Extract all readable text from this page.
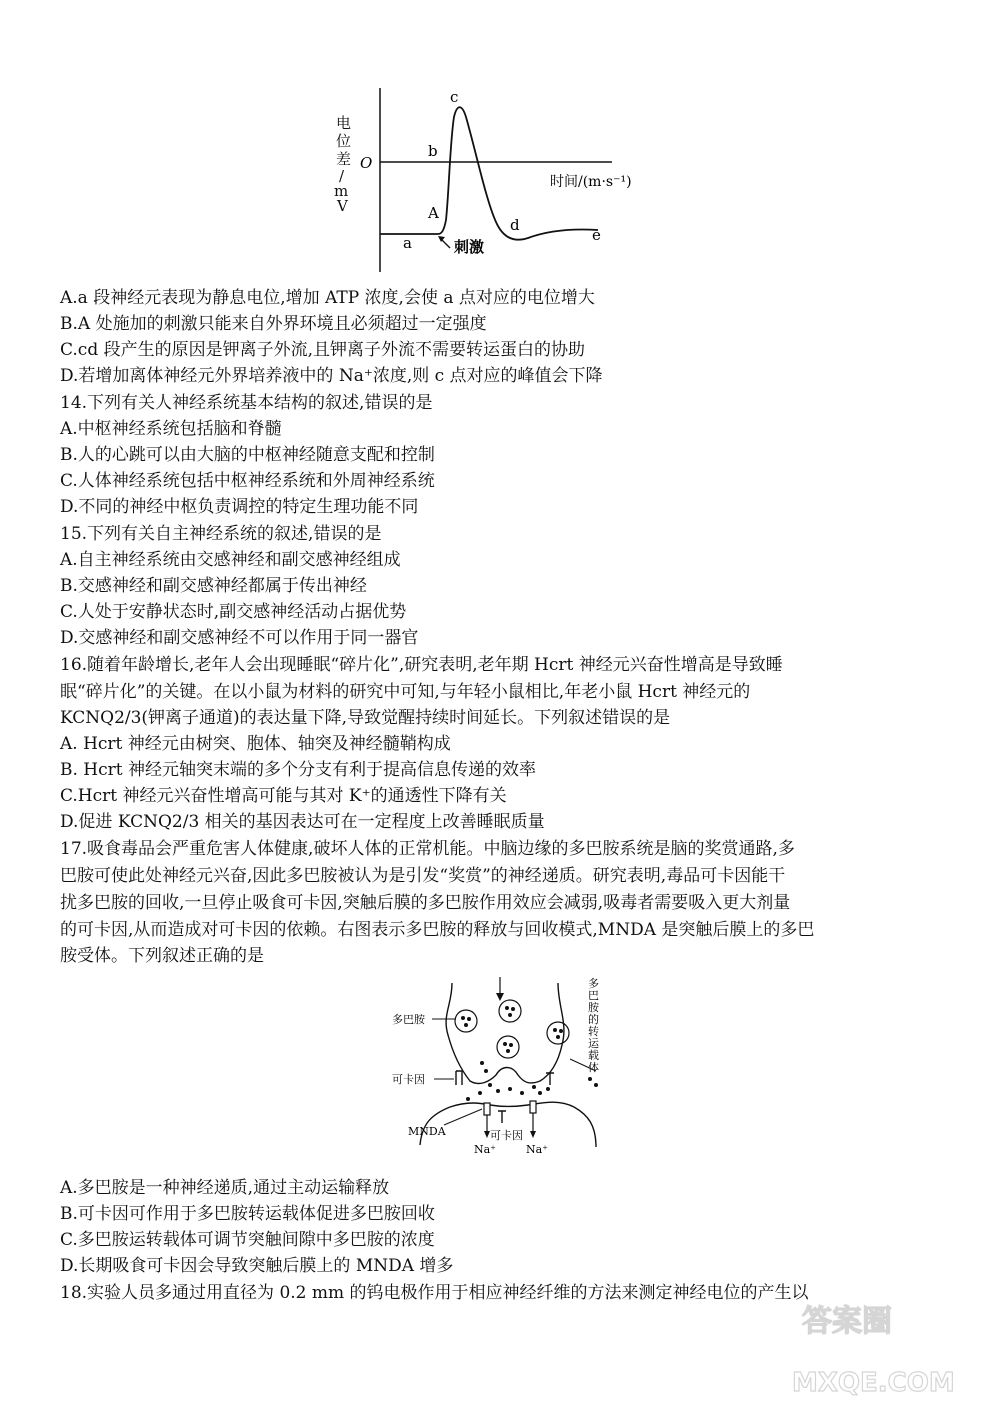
电
位
差
/
m
V
O
时间/(m·s⁻¹)
c
b
A
a
d
e
刺激
A.a 段神经元表现为静息电位,增加 ATP 浓度,会使 a 点对应的电位增大
B.A 处施加的刺激只能来自外界环境且必须超过一定强度
C.cd 段产生的原因是钾离子外流,且钾离子外流不需要转运蛋白的协助
D.若增加离体神经元外界培养液中的 Na⁺浓度,则 c 点对应的峰值会下降
14.下列有关人神经系统基本结构的叙述,错误的是
A.中枢神经系统包括脑和脊髓
B.人的心跳可以由大脑的中枢神经随意支配和控制
C.人体神经系统包括中枢神经系统和外周神经系统
D.不同的神经中枢负责调控的特定生理功能不同
15.下列有关自主神经系统的叙述,错误的是
A.自主神经系统由交感神经和副交感神经组成
B.交感神经和副交感神经都属于传出神经
C.人处于安静状态时,副交感神经活动占据优势
D.交感神经和副交感神经不可以作用于同一器官
16.随着年龄增长,老年人会出现睡眠“碎片化”,研究表明,老年期 Hcrt 神经元兴奋性增高是导致睡
眠“碎片化”的关键。在以小鼠为材料的研究中可知,与年轻小鼠相比,年老小鼠 Hcrt 神经元的
KCNQ2/3(钾离子通道)的表达量下降,导致觉醒持续时间延长。下列叙述错误的是
A. Hcrt 神经元由树突、胞体、轴突及神经髓鞘构成
B. Hcrt 神经元轴突末端的多个分支有利于提高信息传递的效率
C.Hcrt 神经元兴奋性增高可能与其对 K⁺的通透性下降有关
D.促进 KCNQ2/3 相关的基因表达可在一定程度上改善睡眠质量
17.吸食毒品会严重危害人体健康,破坏人体的正常机能。中脑边缘的多巴胺系统是脑的奖赏通路,多
巴胺可使此处神经元兴奋,因此多巴胺被认为是引发“奖赏”的神经递质。研究表明,毒品可卡因能干
扰多巴胺的回收,一旦停止吸食可卡因,突触后膜的多巴胺作用效应会减弱,吸毒者需要吸入更大剂量
的可卡因,从而造成对可卡因的依赖。右图表示多巴胺的释放与回收模式,MNDA 是突触后膜上的多巴
胺受体。下列叙述正确的是
多巴胺
可卡因
MNDA	可卡因
Na⁺	Na⁺
多
巴
胺
的
转
运
载
体
A.多巴胺是一种神经递质,通过主动运输释放
B.可卡因可作用于多巴胺转运载体促进多巴胺回收
C.多巴胺运转载体可调节突触间隙中多巴胺的浓度
D.长期吸食可卡因会导致突触后膜上的 MNDA 增多
18.实验人员多通过用直径为 0.2 mm 的钨电极作用于相应神经纤维的方法来测定神经电位的产生以
答案圈
MXQE.COM
